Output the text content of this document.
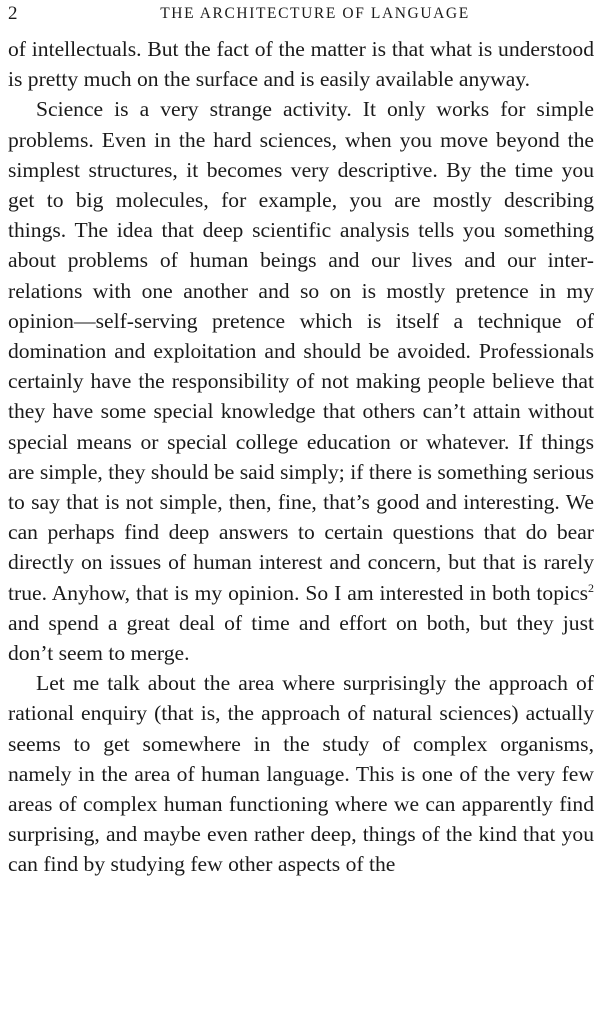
2	THE ARCHITECTURE OF LANGUAGE

of intellectuals. But the fact of the matter is that what is understood is pretty much on the surface and is easily available anyway.

Science is a very strange activity. It only works for simple problems. Even in the hard sciences, when you move beyond the simplest structures, it becomes very descriptive. By the time you get to big molecules, for example, you are mostly describing things. The idea that deep scientific analysis tells you something about problems of human beings and our lives and our inter-relations with one another and so on is mostly pretence in my opinion—self-serving pretence which is itself a technique of domination and exploitation and should be avoided. Professionals certainly have the responsibility of not making people believe that they have some special knowledge that others can’t attain without special means or special college education or whatever. If things are simple, they should be said simply; if there is something serious to say that is not simple, then, fine, that’s good and interesting. We can perhaps find deep answers to certain questions that do bear directly on issues of human interest and concern, but that is rarely true. Anyhow, that is my opinion. So I am interested in both topics$^2$ and spend a great deal of time and effort on both, but they just don’t seem to merge.

Let me talk about the area where surprisingly the approach of rational enquiry (that is, the approach of natural sciences) actually seems to get somewhere in the study of complex organisms, namely in the area of human language. This is one of the very few areas of complex human functioning where we can apparently find surprising, and maybe even rather deep, things of the kind that you can find by studying few other aspects of the
